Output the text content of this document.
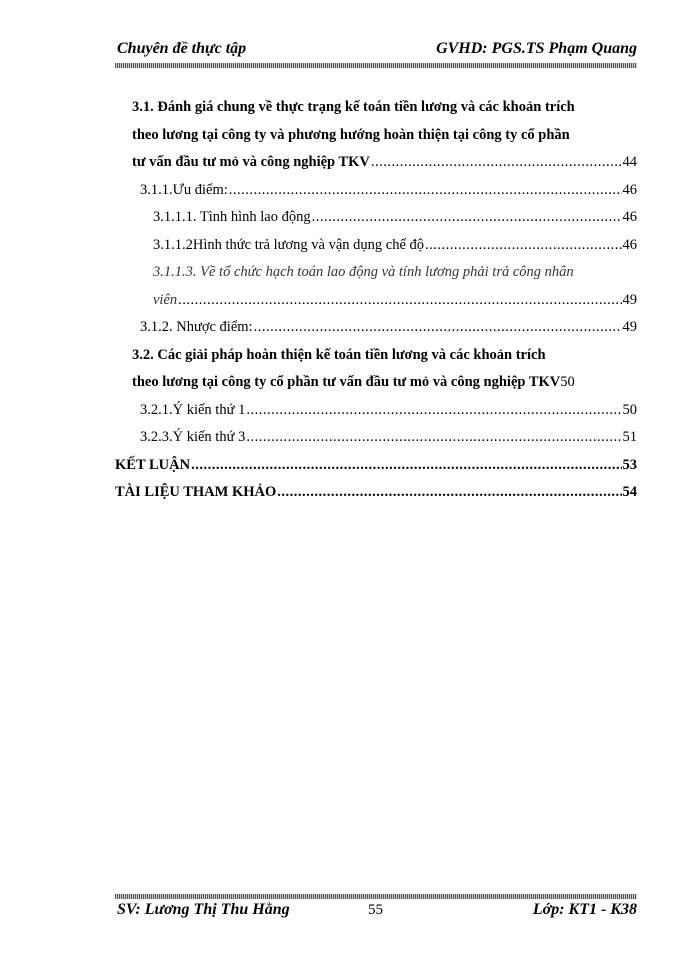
Chuyên đề thực tập	GVHD: PGS.TS Phạm Quang
3.1. Đánh giá chung về thực trạng kế toán tiền lương và các khoản trích
theo lương tại công ty và phương hướng hoàn thiện tại công ty cổ phần
tư vấn đầu tư mỏ và công nghiệp TKV .....	44
3.1.1.Ưu điểm: .....	46
3.1.1.1. Tình hình lao động .....	46
3.1.1.2Hình thức trả lương và vận dụng chế độ .....	46
3.1.1.3. Về tổ chức hạch toán lao động và tính lương phải trả công nhân
viên .....	49
3.1.2. Nhược điểm: .....	49
3.2. Các giải pháp hoàn thiện kế toán tiền lương và các khoản trích
theo lương tại công ty cổ phần tư vấn đầu tư mỏ và công nghiệp TKV 50
3.2.1.Ý kiến thứ 1 .....	50
3.2.3.Ý kiến thứ 3 .....	51
KẾT LUẬN .....	53
TÀI LIỆU THAM KHẢO .....	54
SV: Lương Thị Thu Hằng	55	Lớp: KT1 - K38
